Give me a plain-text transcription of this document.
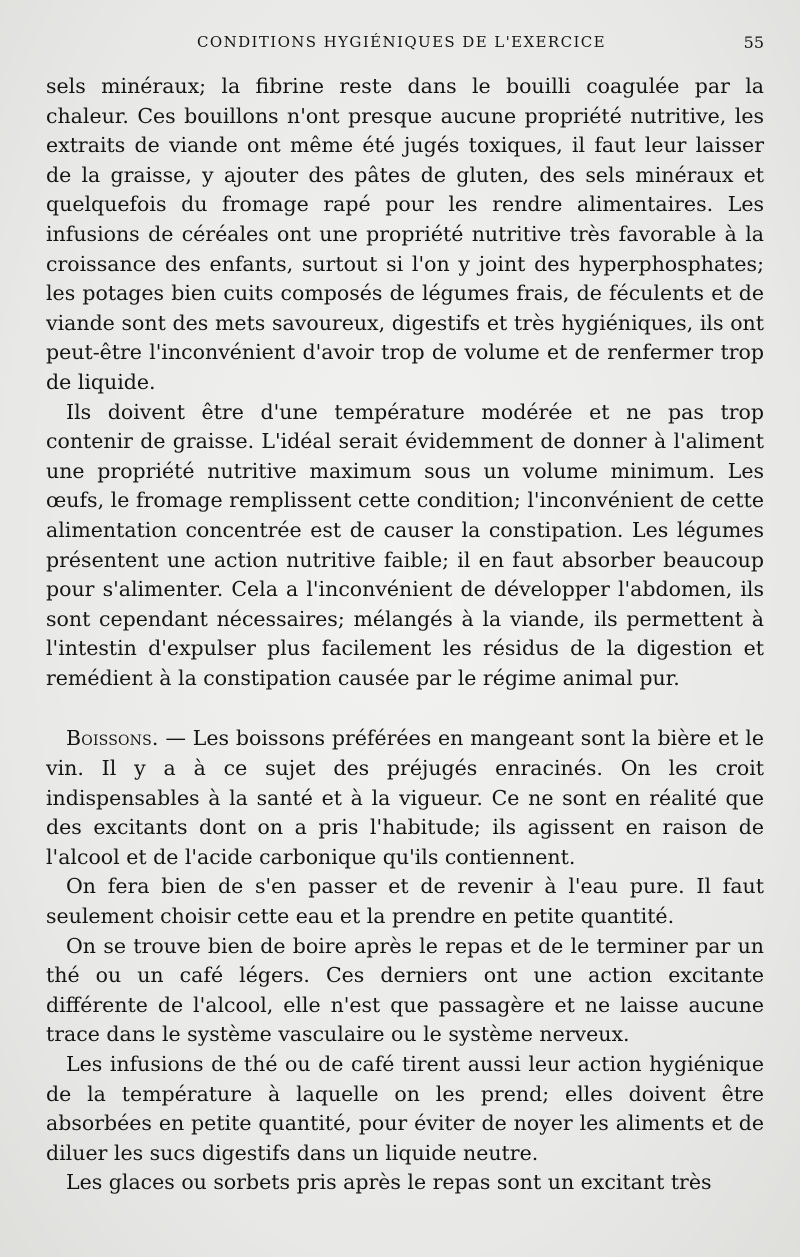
CONDITIONS HYGIÉNIQUES DE L'EXERCICE	55

sels minéraux; la fibrine reste dans le bouilli coagulée par la chaleur. Ces bouillons n'ont presque aucune propriété nutritive, les extraits de viande ont même été jugés toxiques, il faut leur laisser de la graisse, y ajouter des pâtes de gluten, des sels minéraux et quelquefois du fromage rapé pour les rendre alimentaires. Les infusions de céréales ont une propriété nutritive très favorable à la croissance des enfants, surtout si l'on y joint des hyperphosphates; les potages bien cuits composés de légumes frais, de féculents et de viande sont des mets savoureux, digestifs et très hygiéniques, ils ont peut-être l'inconvénient d'avoir trop de volume et de renfermer trop de liquide.

Ils doivent être d'une température modérée et ne pas trop contenir de graisse. L'idéal serait évidemment de donner à l'aliment une propriété nutritive maximum sous un volume minimum. Les œufs, le fromage remplissent cette condition; l'inconvénient de cette alimentation concentrée est de causer la constipation. Les légumes présentent une action nutritive faible; il en faut absorber beaucoup pour s'alimenter. Cela a l'inconvénient de développer l'abdomen, ils sont cependant nécessaires; mélangés à la viande, ils permettent à l'intestin d'expulser plus facilement les résidus de la digestion et remédient à la constipation causée par le régime animal pur.

Boissons. — Les boissons préférées en mangeant sont la bière et le vin. Il y a à ce sujet des préjugés enracinés. On les croit indispensables à la santé et à la vigueur. Ce ne sont en réalité que des excitants dont on a pris l'habitude; ils agissent en raison de l'alcool et de l'acide carbonique qu'ils contiennent.

On fera bien de s'en passer et de revenir à l'eau pure. Il faut seulement choisir cette eau et la prendre en petite quantité.

On se trouve bien de boire après le repas et de le terminer par un thé ou un café légers. Ces derniers ont une action excitante différente de l'alcool, elle n'est que passagère et ne laisse aucune trace dans le système vasculaire ou le système nerveux.

Les infusions de thé ou de café tirent aussi leur action hygiénique de la température à laquelle on les prend; elles doivent être absorbées en petite quantité, pour éviter de noyer les aliments et de diluer les sucs digestifs dans un liquide neutre.

Les glaces ou sorbets pris après le repas sont un excitant très
